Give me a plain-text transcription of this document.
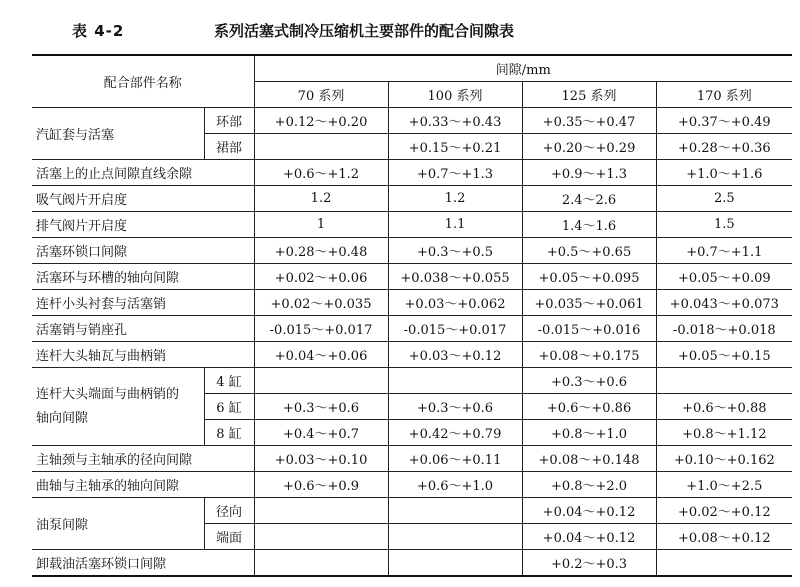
表 4-2	系列活塞式制冷压缩机主要部件的配合间隙表
配合部件名称		间隙/mm			
		70 系列	100 系列	125 系列	170 系列
汽缸套与活塞	环部	+0.12～+0.20	+0.33～+0.43	+0.35～+0.47	+0.37～+0.49
	裙部		+0.15～+0.21	+0.20～+0.29	+0.28～+0.36
活塞上的止点间隙直线余隙		+0.6～+1.2	+0.7～+1.3	+0.9～+1.3	+1.0～+1.6
吸气阀片开启度		1.2	1.2	2.4～2.6	2.5
排气阀片开启度		1	1.1	1.4～1.6	1.5
活塞环锁口间隙		+0.28～+0.48	+0.3～+0.5	+0.5～+0.65	+0.7～+1.1
活塞环与环槽的轴向间隙		+0.02～+0.06	+0.038～+0.055	+0.05～+0.095	+0.05～+0.09
连杆小头衬套与活塞销		+0.02～+0.035	+0.03～+0.062	+0.035～+0.061	+0.043～+0.073
活塞销与销座孔		-0.015～+0.017	-0.015～+0.017	-0.015～+0.016	-0.018～+0.018
连杆大头轴瓦与曲柄销		+0.04～+0.06	+0.03～+0.12	+0.08～+0.175	+0.05～+0.15
连杆大头端面与曲柄销的
轴向间隙	4 缸			+0.3～+0.6	
	6 缸	+0.3～+0.6	+0.3～+0.6	+0.6～+0.86	+0.6～+0.88
	8 缸	+0.4～+0.7	+0.42～+0.79	+0.8～+1.0	+0.8～+1.12
主轴颈与主轴承的径向间隙		+0.03～+0.10	+0.06～+0.11	+0.08～+0.148	+0.10～+0.162
曲轴与主轴承的轴向间隙		+0.6～+0.9	+0.6～+1.0	+0.8～+2.0	+1.0～+2.5
油泵间隙	径向			+0.04～+0.12	+0.02～+0.12
	端面			+0.04～+0.12	+0.08～+0.12
卸载油活塞环锁口间隙				+0.2～+0.3	
